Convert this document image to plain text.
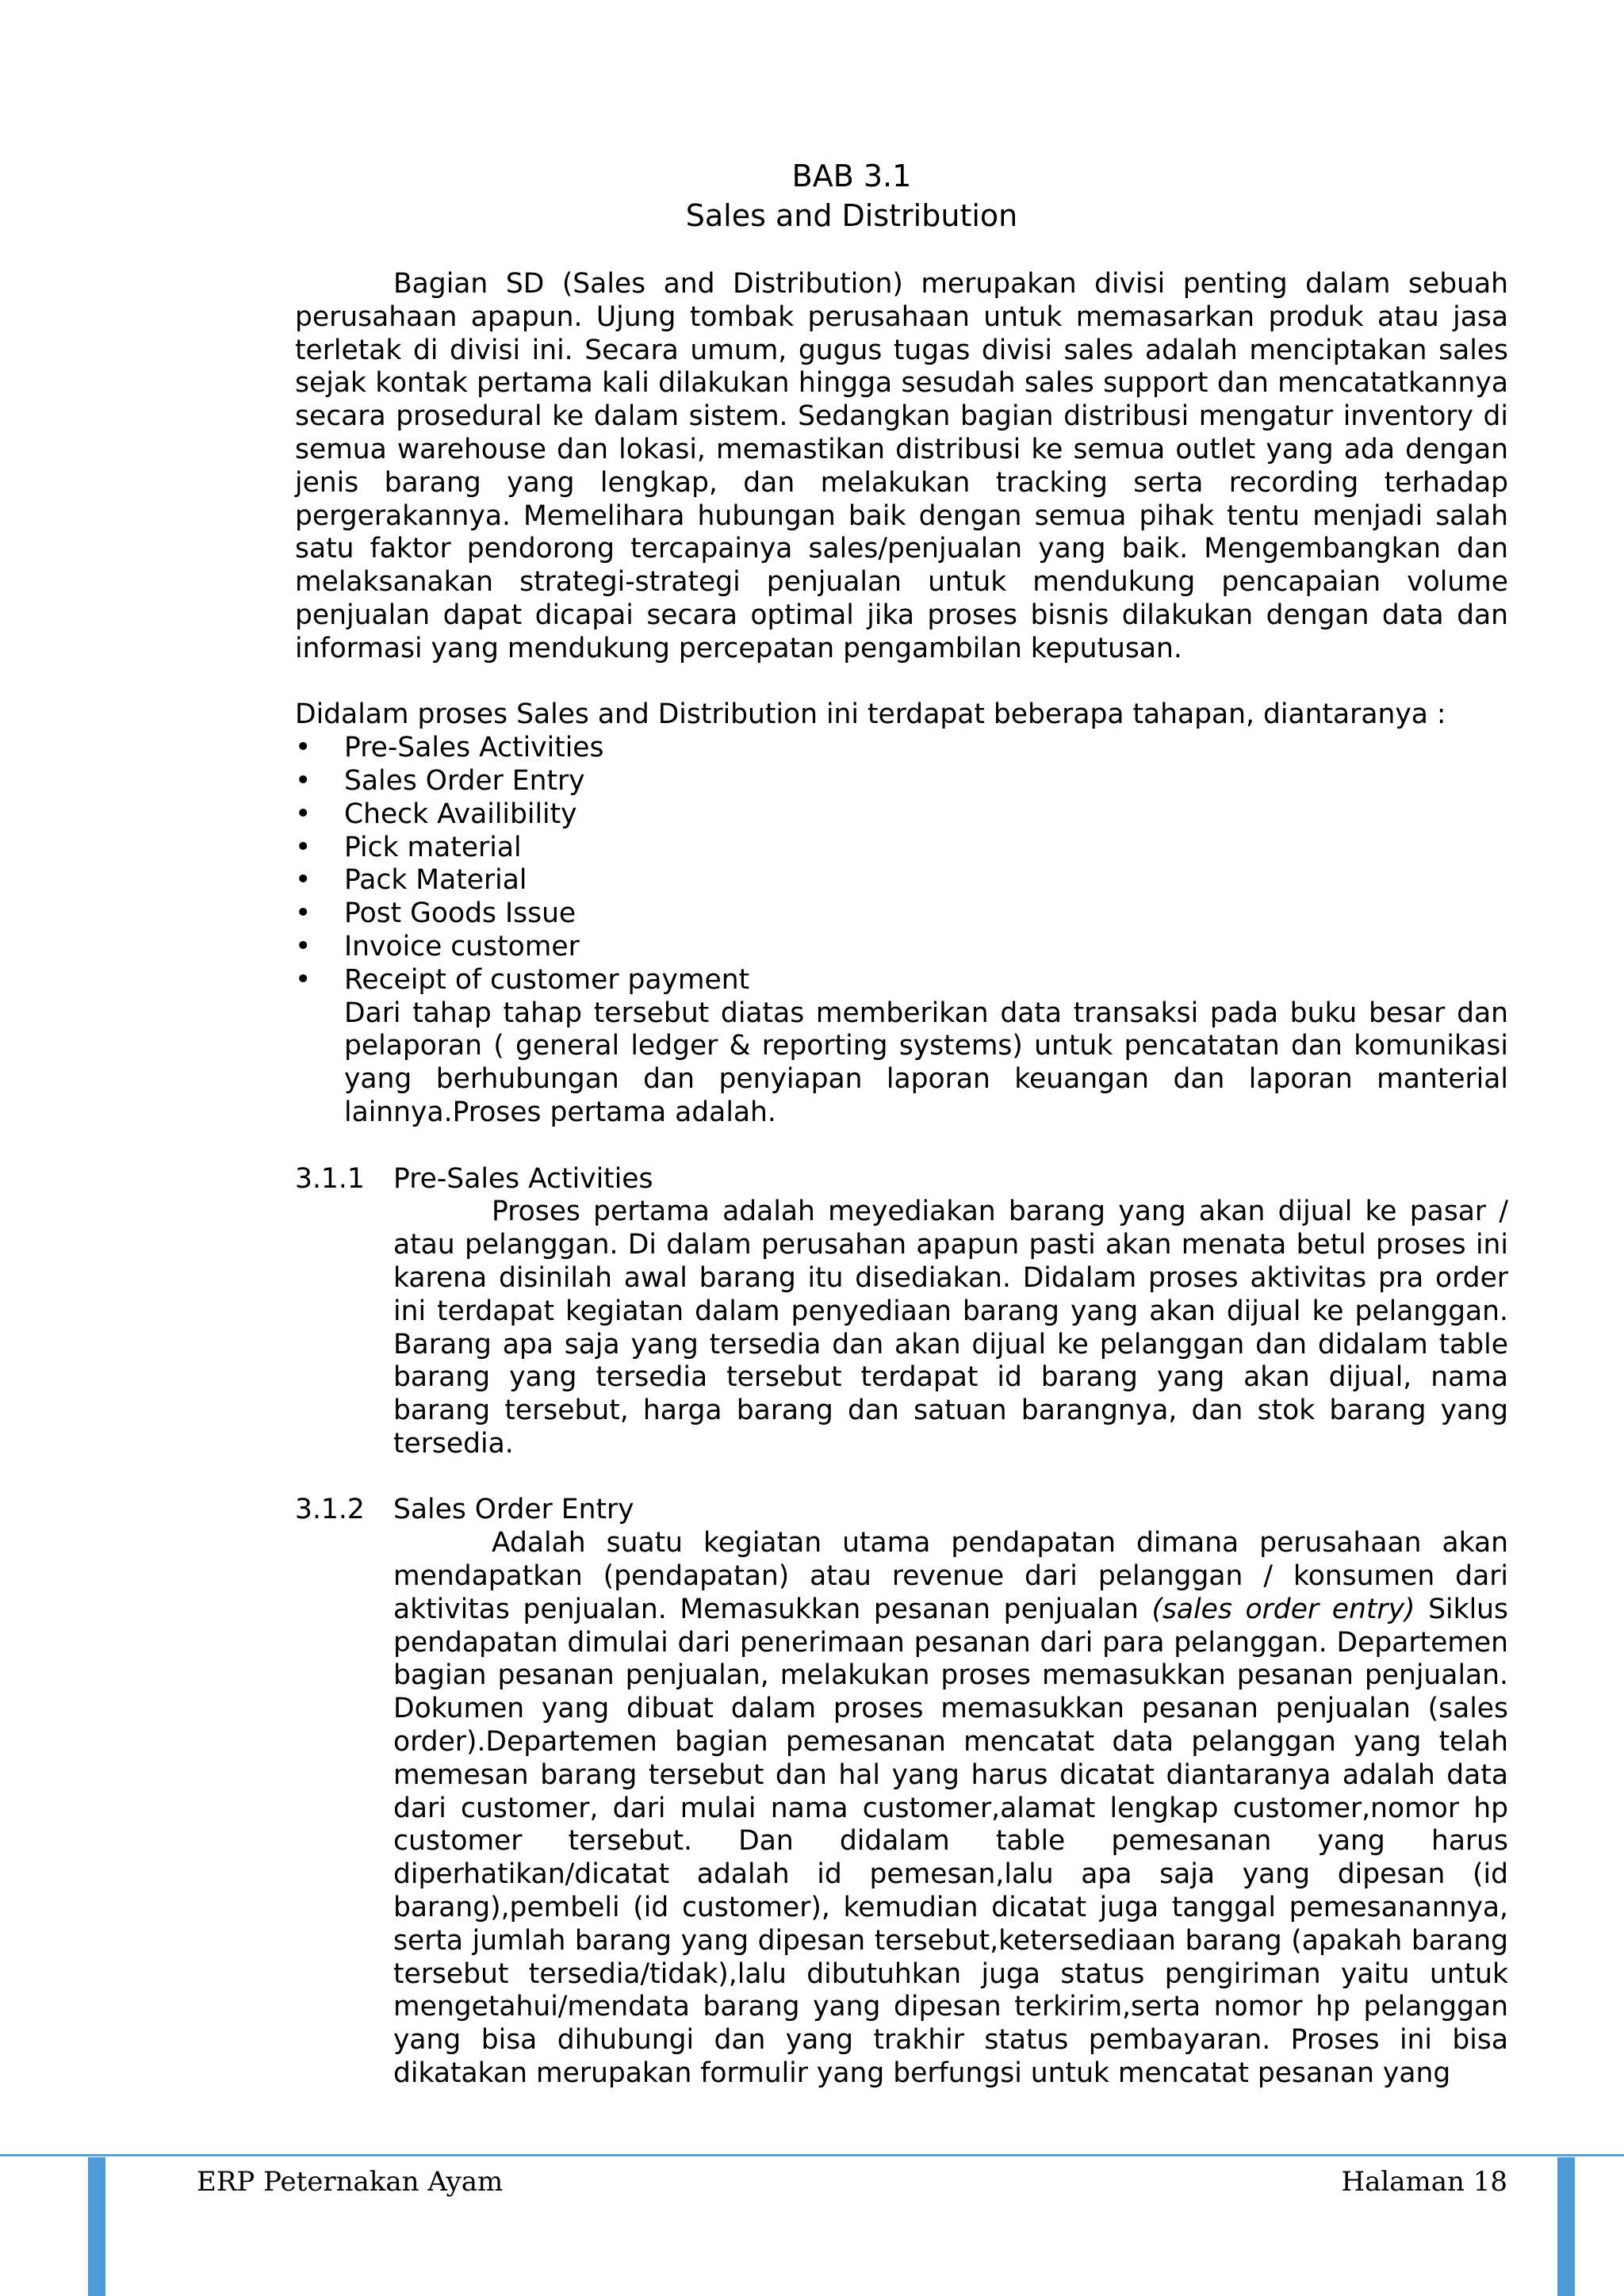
BAB 3.1
Sales and Distribution

Bagian SD (Sales and Distribution) merupakan divisi penting dalam sebuah perusahaan apapun. Ujung tombak perusahaan untuk memasarkan produk atau jasa terletak di divisi ini. Secara umum, gugus tugas divisi sales adalah menciptakan sales sejak kontak pertama kali dilakukan hingga sesudah sales support dan mencatatkannya secara prosedural ke dalam sistem. Sedangkan bagian distribusi mengatur inventory di semua warehouse dan lokasi, memastikan distribusi ke semua outlet yang ada dengan jenis barang yang lengkap, dan melakukan tracking serta recording terhadap pergerakannya. Memelihara hubungan baik dengan semua pihak tentu menjadi salah satu faktor pendorong tercapainya sales/penjualan yang baik. Mengembangkan dan melaksanakan strategi-strategi penjualan untuk mendukung pencapaian volume penjualan dapat dicapai secara optimal jika proses bisnis dilakukan dengan data dan informasi yang mendukung percepatan pengambilan keputusan.

Didalam proses Sales and Distribution ini terdapat beberapa tahapan, diantaranya :

• Pre-Sales Activities
• Sales Order Entry
• Check Availibility
• Pick material
• Pack Material
• Post Goods Issue
• Invoice customer
• Receipt of customer payment

Dari tahap tahap tersebut diatas memberikan data transaksi pada buku besar dan pelaporan ( general ledger & reporting systems) untuk pencatatan dan komunikasi yang berhubungan dan penyiapan laporan keuangan dan laporan manterial lainnya.Proses pertama adalah.

3.1.1 Pre-Sales Activities

Proses pertama adalah meyediakan barang yang akan dijual ke pasar / atau pelanggan. Di dalam perusahan apapun pasti akan menata betul proses ini karena disinilah awal barang itu disediakan. Didalam proses aktivitas pra order ini terdapat kegiatan dalam penyediaan barang yang akan dijual ke pelanggan. Barang apa saja yang tersedia dan akan dijual ke pelanggan dan didalam table barang yang tersedia tersebut terdapat id barang yang akan dijual, nama barang tersebut, harga barang dan satuan barangnya, dan stok barang yang tersedia.

3.1.2 Sales Order Entry

Adalah suatu kegiatan utama pendapatan dimana perusahaan akan mendapatkan (pendapatan) atau revenue dari pelanggan / konsumen dari aktivitas penjualan. Memasukkan pesanan penjualan (sales order entry) Siklus pendapatan dimulai dari penerimaan pesanan dari para pelanggan. Departemen bagian pesanan penjualan, melakukan proses memasukkan pesanan penjualan. Dokumen yang dibuat dalam proses memasukkan pesanan penjualan (sales order).Departemen bagian pemesanan mencatat data pelanggan yang telah memesan barang tersebut dan hal yang harus dicatat diantaranya adalah data dari customer, dari mulai nama customer,alamat lengkap customer,nomor hp customer tersebut. Dan didalam table pemesanan yang harus diperhatikan/dicatat adalah id pemesan,lalu apa saja yang dipesan (id barang),pembeli (id customer), kemudian dicatat juga tanggal pemesanannya, serta jumlah barang yang dipesan tersebut,ketersediaan barang (apakah barang tersebut tersedia/tidak),lalu dibutuhkan juga status pengiriman yaitu untuk mengetahui/mendata barang yang dipesan terkirim,serta nomor hp pelanggan yang bisa dihubungi dan yang trakhir status pembayaran. Proses ini bisa dikatakan merupakan formulir yang berfungsi untuk mencatat pesanan yang

ERP Peternakan Ayam	Halaman 18
